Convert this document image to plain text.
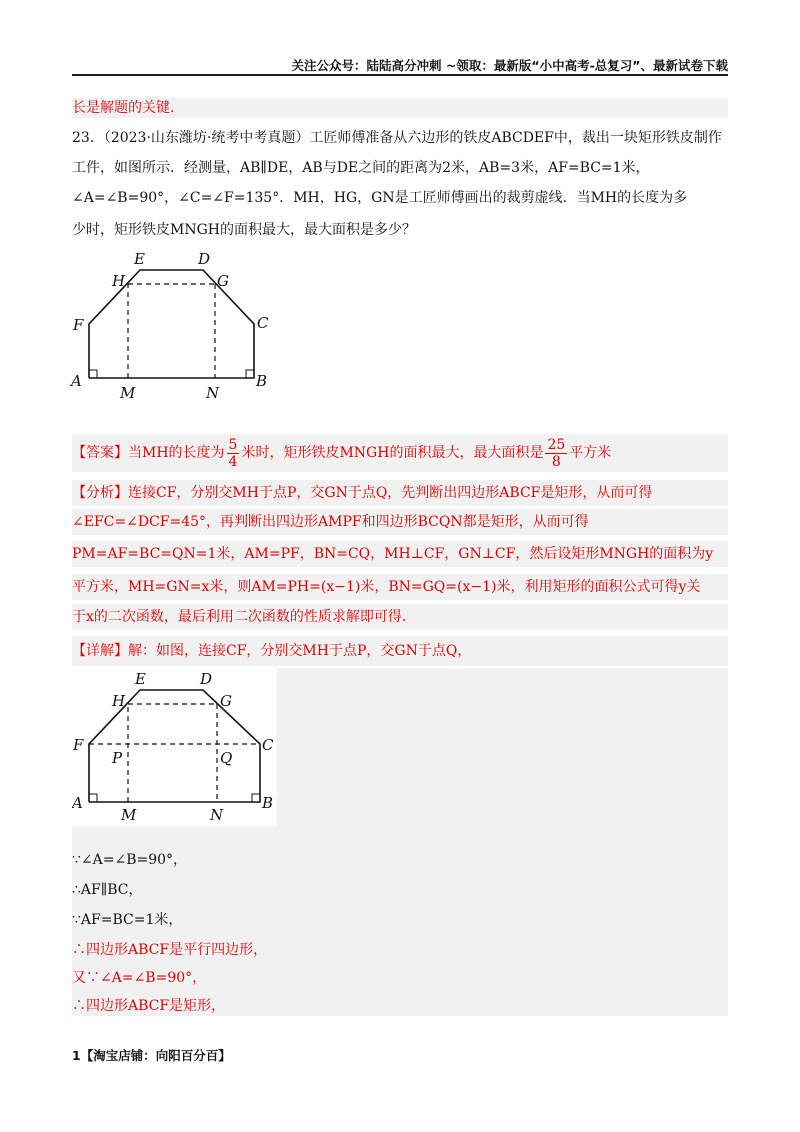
关注公众号：陆陆高分冲刺 ~领取：最新版“小中高考-总复习”、最新试卷下载
长是解题的关键．
23．（2023·山东潍坊·统考中考真题）工匠师傅准备从六边形的铁皮ABCDEF中，裁出一块矩形铁皮制作
工件，如图所示．经测量，AB∥DE，AB与DE之间的距离为2米，AB=3米，AF=BC=1米，
∠A=∠B=90°，∠C=∠F=135°．MH，HG，GN是工匠师傅画出的裁剪虚线．当MH的长度为多
少时，矩形铁皮MNGH的面积最大，最大面积是多少？
E	D
H	G
F	C
A	B
M	N
【答案】当MH的长度为 $\frac{5}{4}$ 米时，矩形铁皮MNGH的面积最大，最大面积是 $\frac{25}{8}$ 平方米
【分析】连接CF，分别交MH于点P，交GN于点Q，先判断出四边形ABCF是矩形，从而可得
∠EFC=∠DCF=45°，再判断出四边形AMPF和四边形BCQN都是矩形，从而可得
PM=AF=BC=QN=1米，AM=PF，BN=CQ，MH⊥CF，GN⊥CF，然后设矩形MNGH的面积为y
平方米，MH=GN=x米，则AM=PH=(x−1)米，BN=GQ=(x−1)米，利用矩形的面积公式可得y关
于x的二次函数，最后利用二次函数的性质求解即可得．
【详解】解：如图，连接CF，分别交MH于点P，交GN于点Q，
E	D
H	G
F	C
P	Q
A	B
M	N
∵∠A=∠B=90°，
∴AF∥BC，
∵AF=BC=1米，
∴四边形ABCF是平行四边形，
又∵∠A=∠B=90°，
∴四边形ABCF是矩形，
1【淘宝店铺：向阳百分百】
